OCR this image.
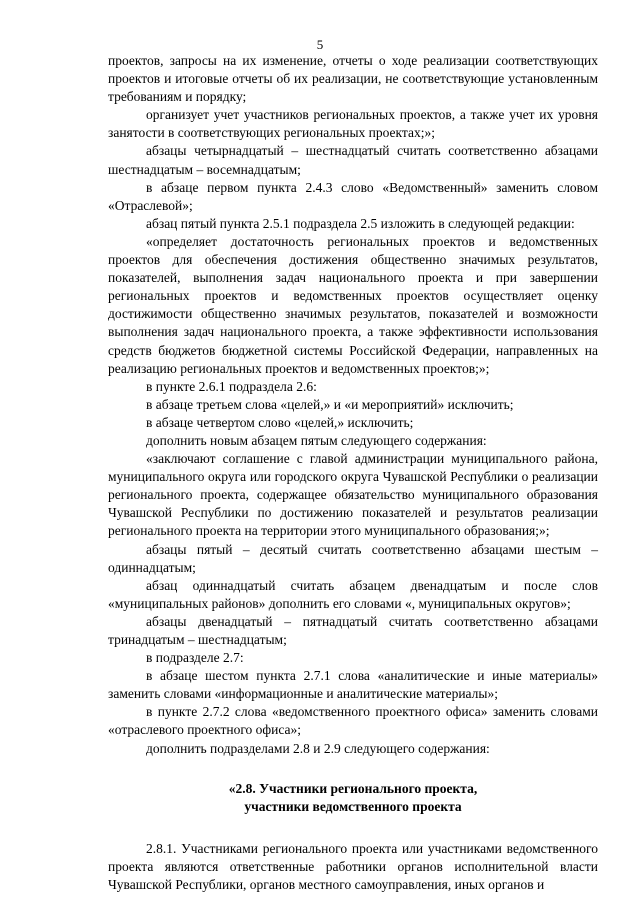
5

проектов, запросы на их изменение, отчеты о ходе реализации соответствующих проектов и итоговые отчеты об их реализации, не соответствующие установленным требованиям и порядку;

организует учет участников региональных проектов, а также учет их уровня занятости в соответствующих региональных проектах;»;

абзацы четырнадцатый – шестнадцатый считать соответственно абзацами шестнадцатым – восемнадцатым;

в абзаце первом пункта 2.4.3 слово «Ведомственный» заменить словом «Отраслевой»;

абзац пятый пункта 2.5.1 подраздела 2.5 изложить в следующей редакции:

«определяет достаточность региональных проектов и ведомственных проектов для обеспечения достижения общественно значимых результатов, показателей, выполнения задач национального проекта и при завершении региональных проектов и ведомственных проектов осуществляет оценку достижимости общественно значимых результатов, показателей и возможности выполнения задач национального проекта, а также эффективности использования средств бюджетов бюджетной системы Российской Федерации, направленных на реализацию региональных проектов и ведомственных проектов;»;

в пункте 2.6.1 подраздела 2.6:

в абзаце третьем слова «целей,» и «и мероприятий» исключить;

в абзаце четвертом слово «целей,» исключить;

дополнить новым абзацем пятым следующего содержания:

«заключают соглашение с главой администрации муниципального района, муниципального округа или городского округа Чувашской Республики о реализации регионального проекта, содержащее обязательство муниципального образования Чувашской Республики по достижению показателей и результатов реализации регионального проекта на территории этого муниципального образования;»;

абзацы пятый – десятый считать соответственно абзацами шестым – одиннадцатым;

абзац одиннадцатый считать абзацем двенадцатым и после слов «муниципальных районов» дополнить его словами «, муниципальных округов»;

абзацы двенадцатый – пятнадцатый считать соответственно абзацами тринадцатым – шестнадцатым;

в подразделе 2.7:

в абзаце шестом пункта 2.7.1 слова «аналитические и иные материалы» заменить словами «информационные и аналитические материалы»;

в пункте 2.7.2 слова «ведомственного проектного офиса» заменить словами «отраслевого проектного офиса»;

дополнить подразделами 2.8 и 2.9 следующего содержания:

«2.8. Участники регионального проекта,

участники ведомственного проекта

2.8.1. Участниками регионального проекта или участниками ведомственного проекта являются ответственные работники органов исполнительной власти Чувашской Республики, органов местного самоуправления, иных органов и
